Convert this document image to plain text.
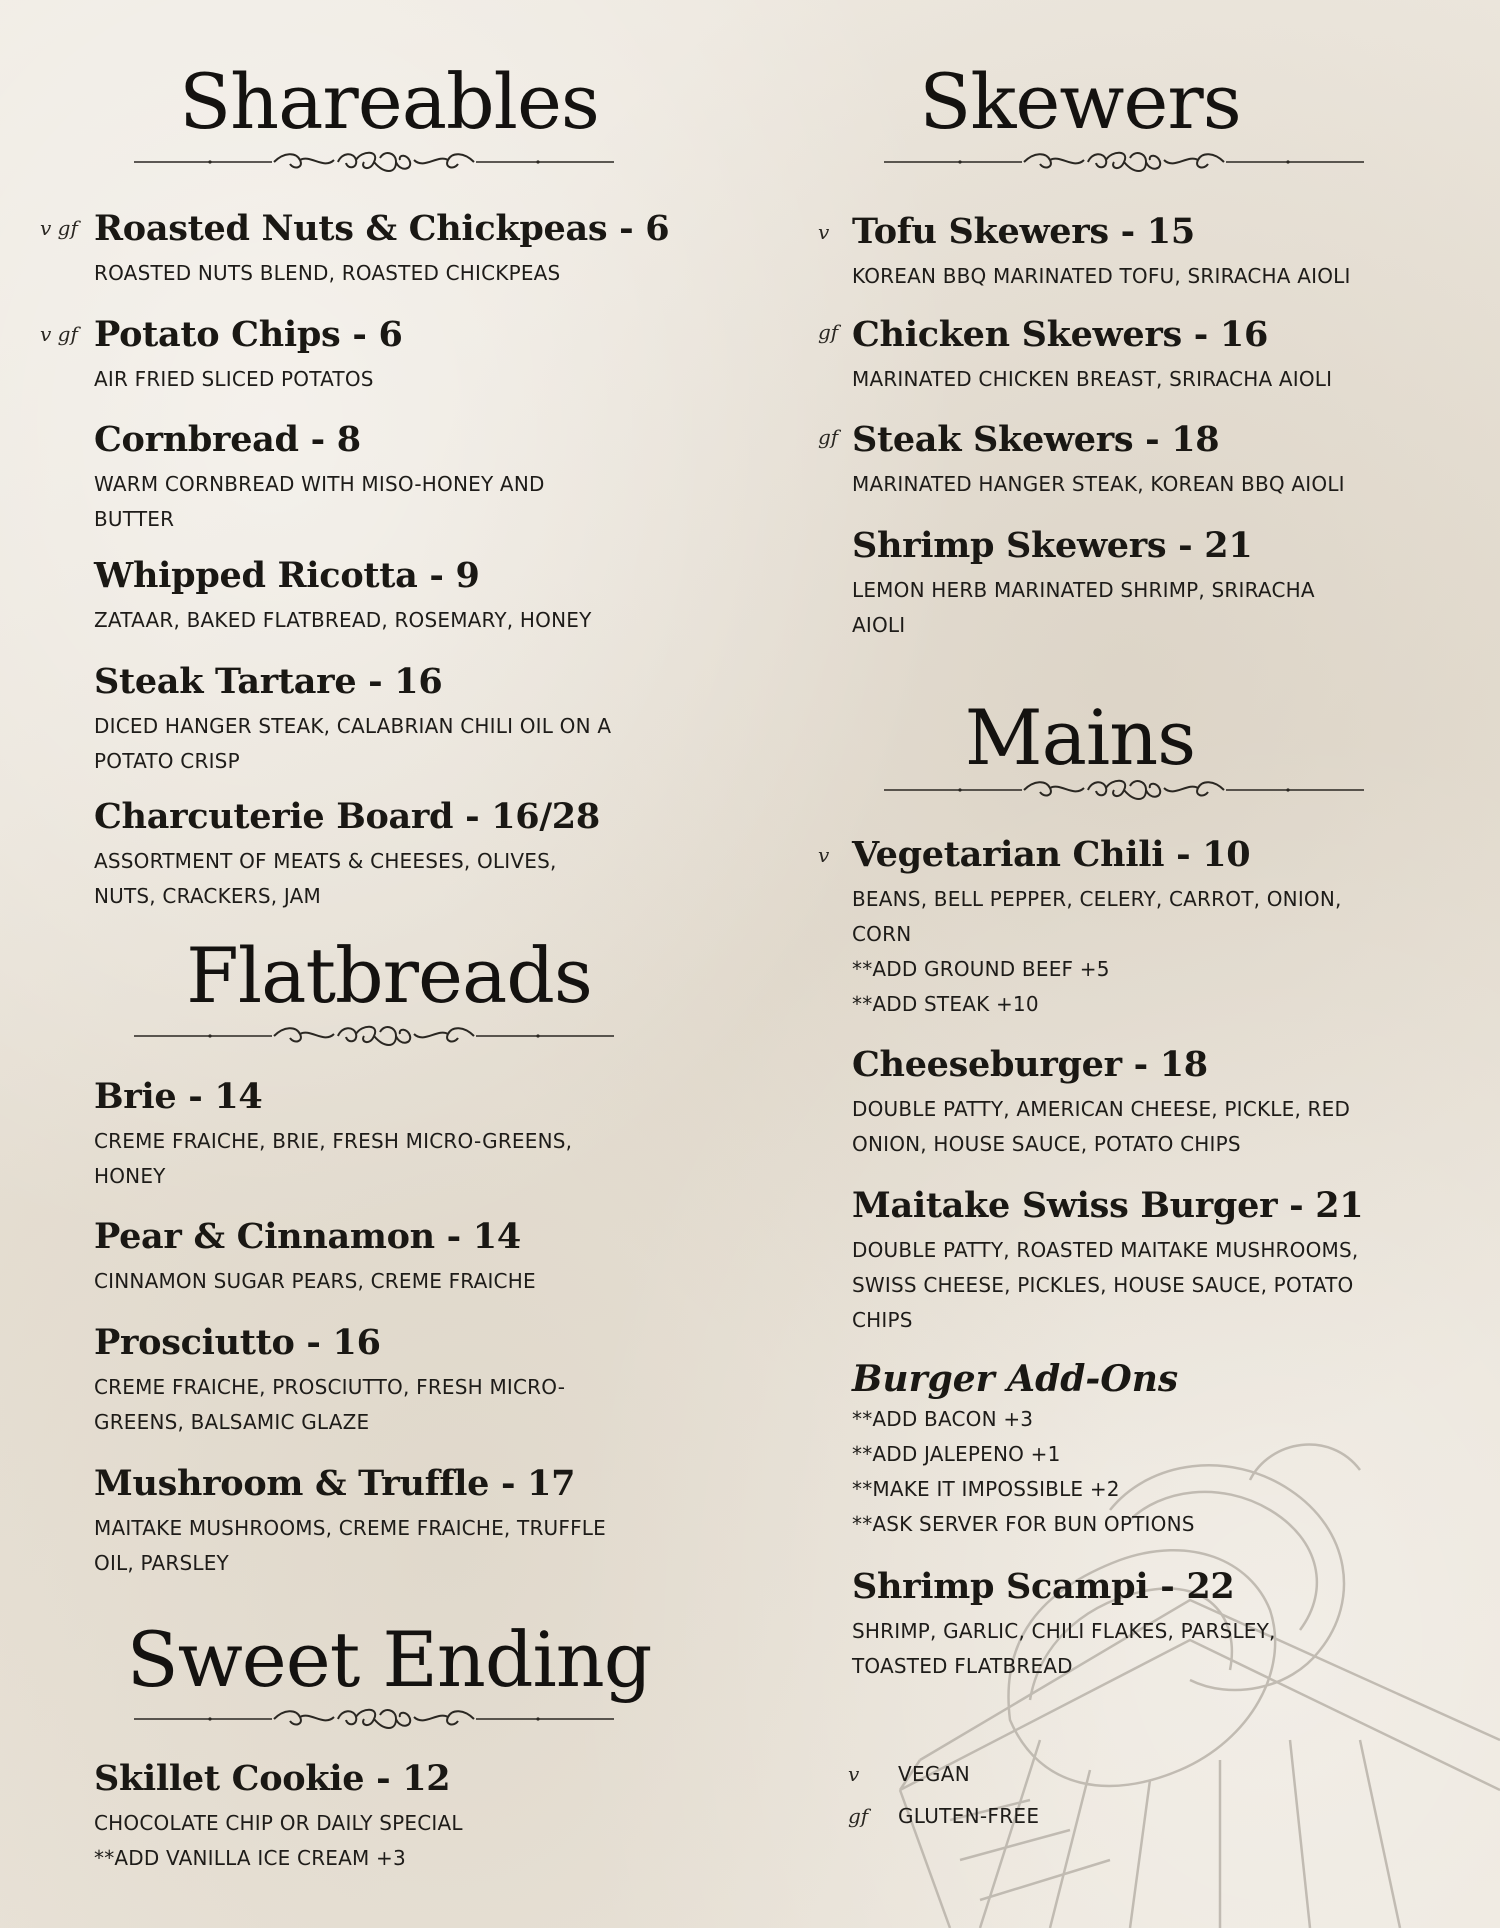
Shareables
v gf Roasted Nuts & Chickpeas - 6
ROASTED NUTS BLEND, ROASTED CHICKPEAS
v gf Potato Chips - 6
AIR FRIED SLICED POTATOS
Cornbread - 8
WARM CORNBREAD WITH MISO-HONEY AND
BUTTER
Whipped Ricotta - 9
ZATAAR, BAKED FLATBREAD, ROSEMARY, HONEY
Steak Tartare - 16
DICED HANGER STEAK, CALABRIAN CHILI OIL ON A
POTATO CRISP
Charcuterie Board - 16/28
ASSORTMENT OF MEATS & CHEESES, OLIVES,
NUTS, CRACKERS, JAM
Flatbreads
Brie - 14
CREME FRAICHE, BRIE, FRESH MICRO-GREENS,
HONEY
Pear & Cinnamon - 14
CINNAMON SUGAR PEARS, CREME FRAICHE
Prosciutto - 16
CREME FRAICHE, PROSCIUTTO, FRESH MICRO-
GREENS, BALSAMIC GLAZE
Mushroom & Truffle - 17
MAITAKE MUSHROOMS, CREME FRAICHE, TRUFFLE
OIL, PARSLEY
Sweet Ending
Skillet Cookie - 12
CHOCOLATE CHIP OR DAILY SPECIAL
**ADD VANILLA ICE CREAM +3
Skewers
v Tofu Skewers - 15
KOREAN BBQ MARINATED TOFU, SRIRACHA AIOLI
gf Chicken Skewers - 16
MARINATED CHICKEN BREAST, SRIRACHA AIOLI
gf Steak Skewers - 18
MARINATED HANGER STEAK, KOREAN BBQ AIOLI
Shrimp Skewers - 21
LEMON HERB MARINATED SHRIMP, SRIRACHA
AIOLI
Mains
v Vegetarian Chili - 10
BEANS, BELL PEPPER, CELERY, CARROT, ONION,
CORN
**ADD GROUND BEEF +5
**ADD STEAK +10
Cheeseburger - 18
DOUBLE PATTY, AMERICAN CHEESE, PICKLE, RED
ONION, HOUSE SAUCE, POTATO CHIPS
Maitake Swiss Burger - 21
DOUBLE PATTY, ROASTED MAITAKE MUSHROOMS,
SWISS CHEESE, PICKLES, HOUSE SAUCE, POTATO
CHIPS
Burger Add-Ons
**ADD BACON +3
**ADD JALEPENO +1
**MAKE IT IMPOSSIBLE +2
**ASK SERVER FOR BUN OPTIONS
Shrimp Scampi - 22
SHRIMP, GARLIC, CHILI FLAKES, PARSLEY,
TOASTED FLATBREAD
v	VEGAN
gf	GLUTEN-FREE
